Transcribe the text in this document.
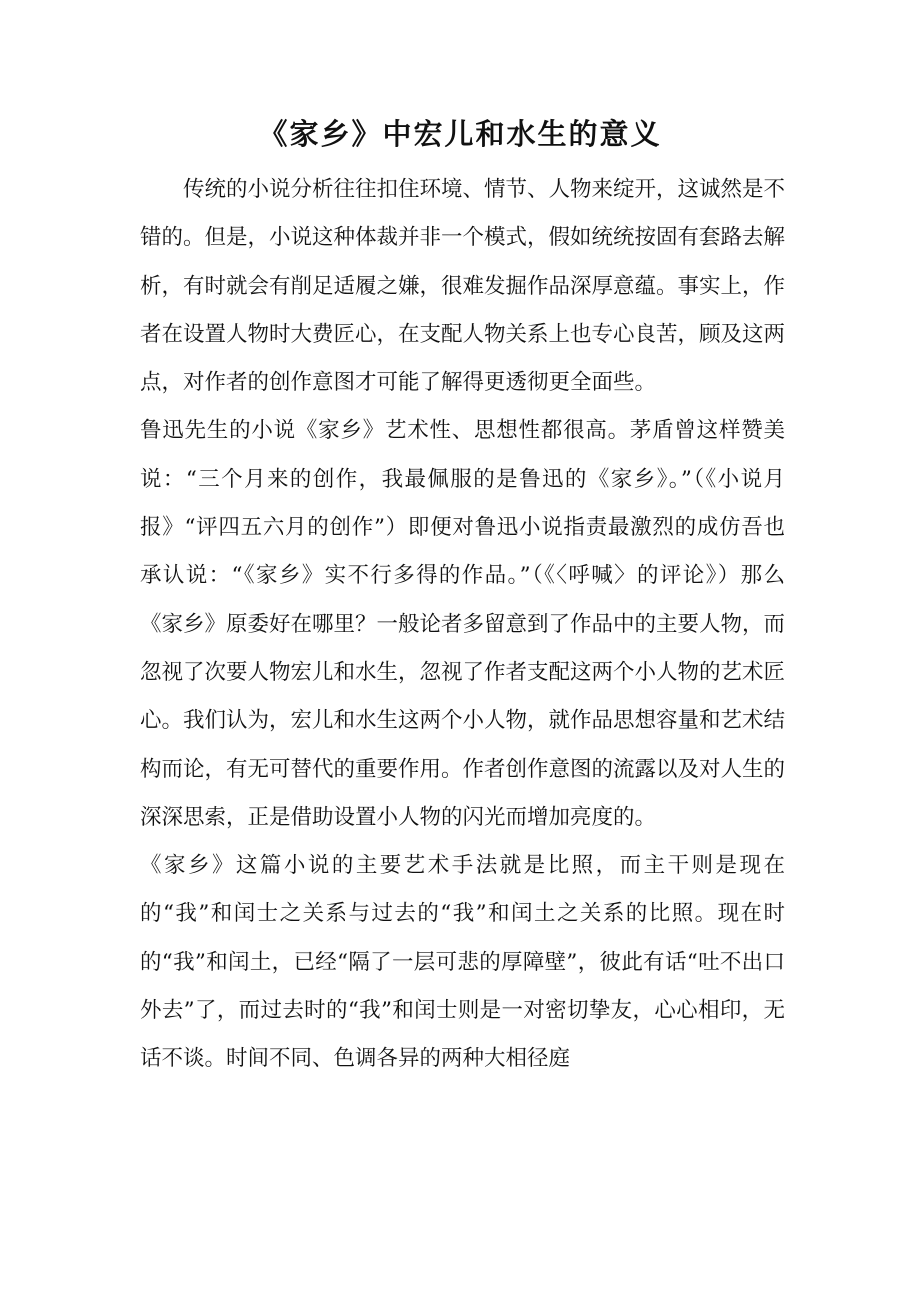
《家乡》中宏儿和水生的意义

传统的小说分析往往扣住环境、情节、人物来绽开，这诚然是不错的。但是，小说这种体裁并非一个模式，假如统统按固有套路去解析，有时就会有削足适履之嫌，很难发掘作品深厚意蕴。事实上，作者在设置人物时大费匠心，在支配人物关系上也专心良苦，顾及这两点，对作者的创作意图才可能了解得更透彻更全面些。

鲁迅先生的小说《家乡》艺术性、思想性都很高。茅盾曾这样赞美说：“三个月来的创作，我最佩服的是鲁迅的《家乡》。”（《小说月报》“评四五六月的创作”）即便对鲁迅小说指责最激烈的成仿吾也承认说：“《家乡》实不行多得的作品。”（《〈呼喊〉的评论》）那么《家乡》原委好在哪里？一般论者多留意到了作品中的主要人物，而忽视了次要人物宏儿和水生，忽视了作者支配这两个小人物的艺术匠心。我们认为，宏儿和水生这两个小人物，就作品思想容量和艺术结构而论，有无可替代的重要作用。作者创作意图的流露以及对人生的深深思索，正是借助设置小人物的闪光而增加亮度的。

《家乡》这篇小说的主要艺术手法就是比照，而主干则是现在的“我”和闰士之关系与过去的“我”和闰土之关系的比照。现在时的“我”和闰土，已经“隔了一层可悲的厚障壁”，彼此有话“吐不出口外去”了，而过去时的“我”和闰士则是一对密切挚友，心心相印，无话不谈。时间不同、色调各异的两种大相径庭
